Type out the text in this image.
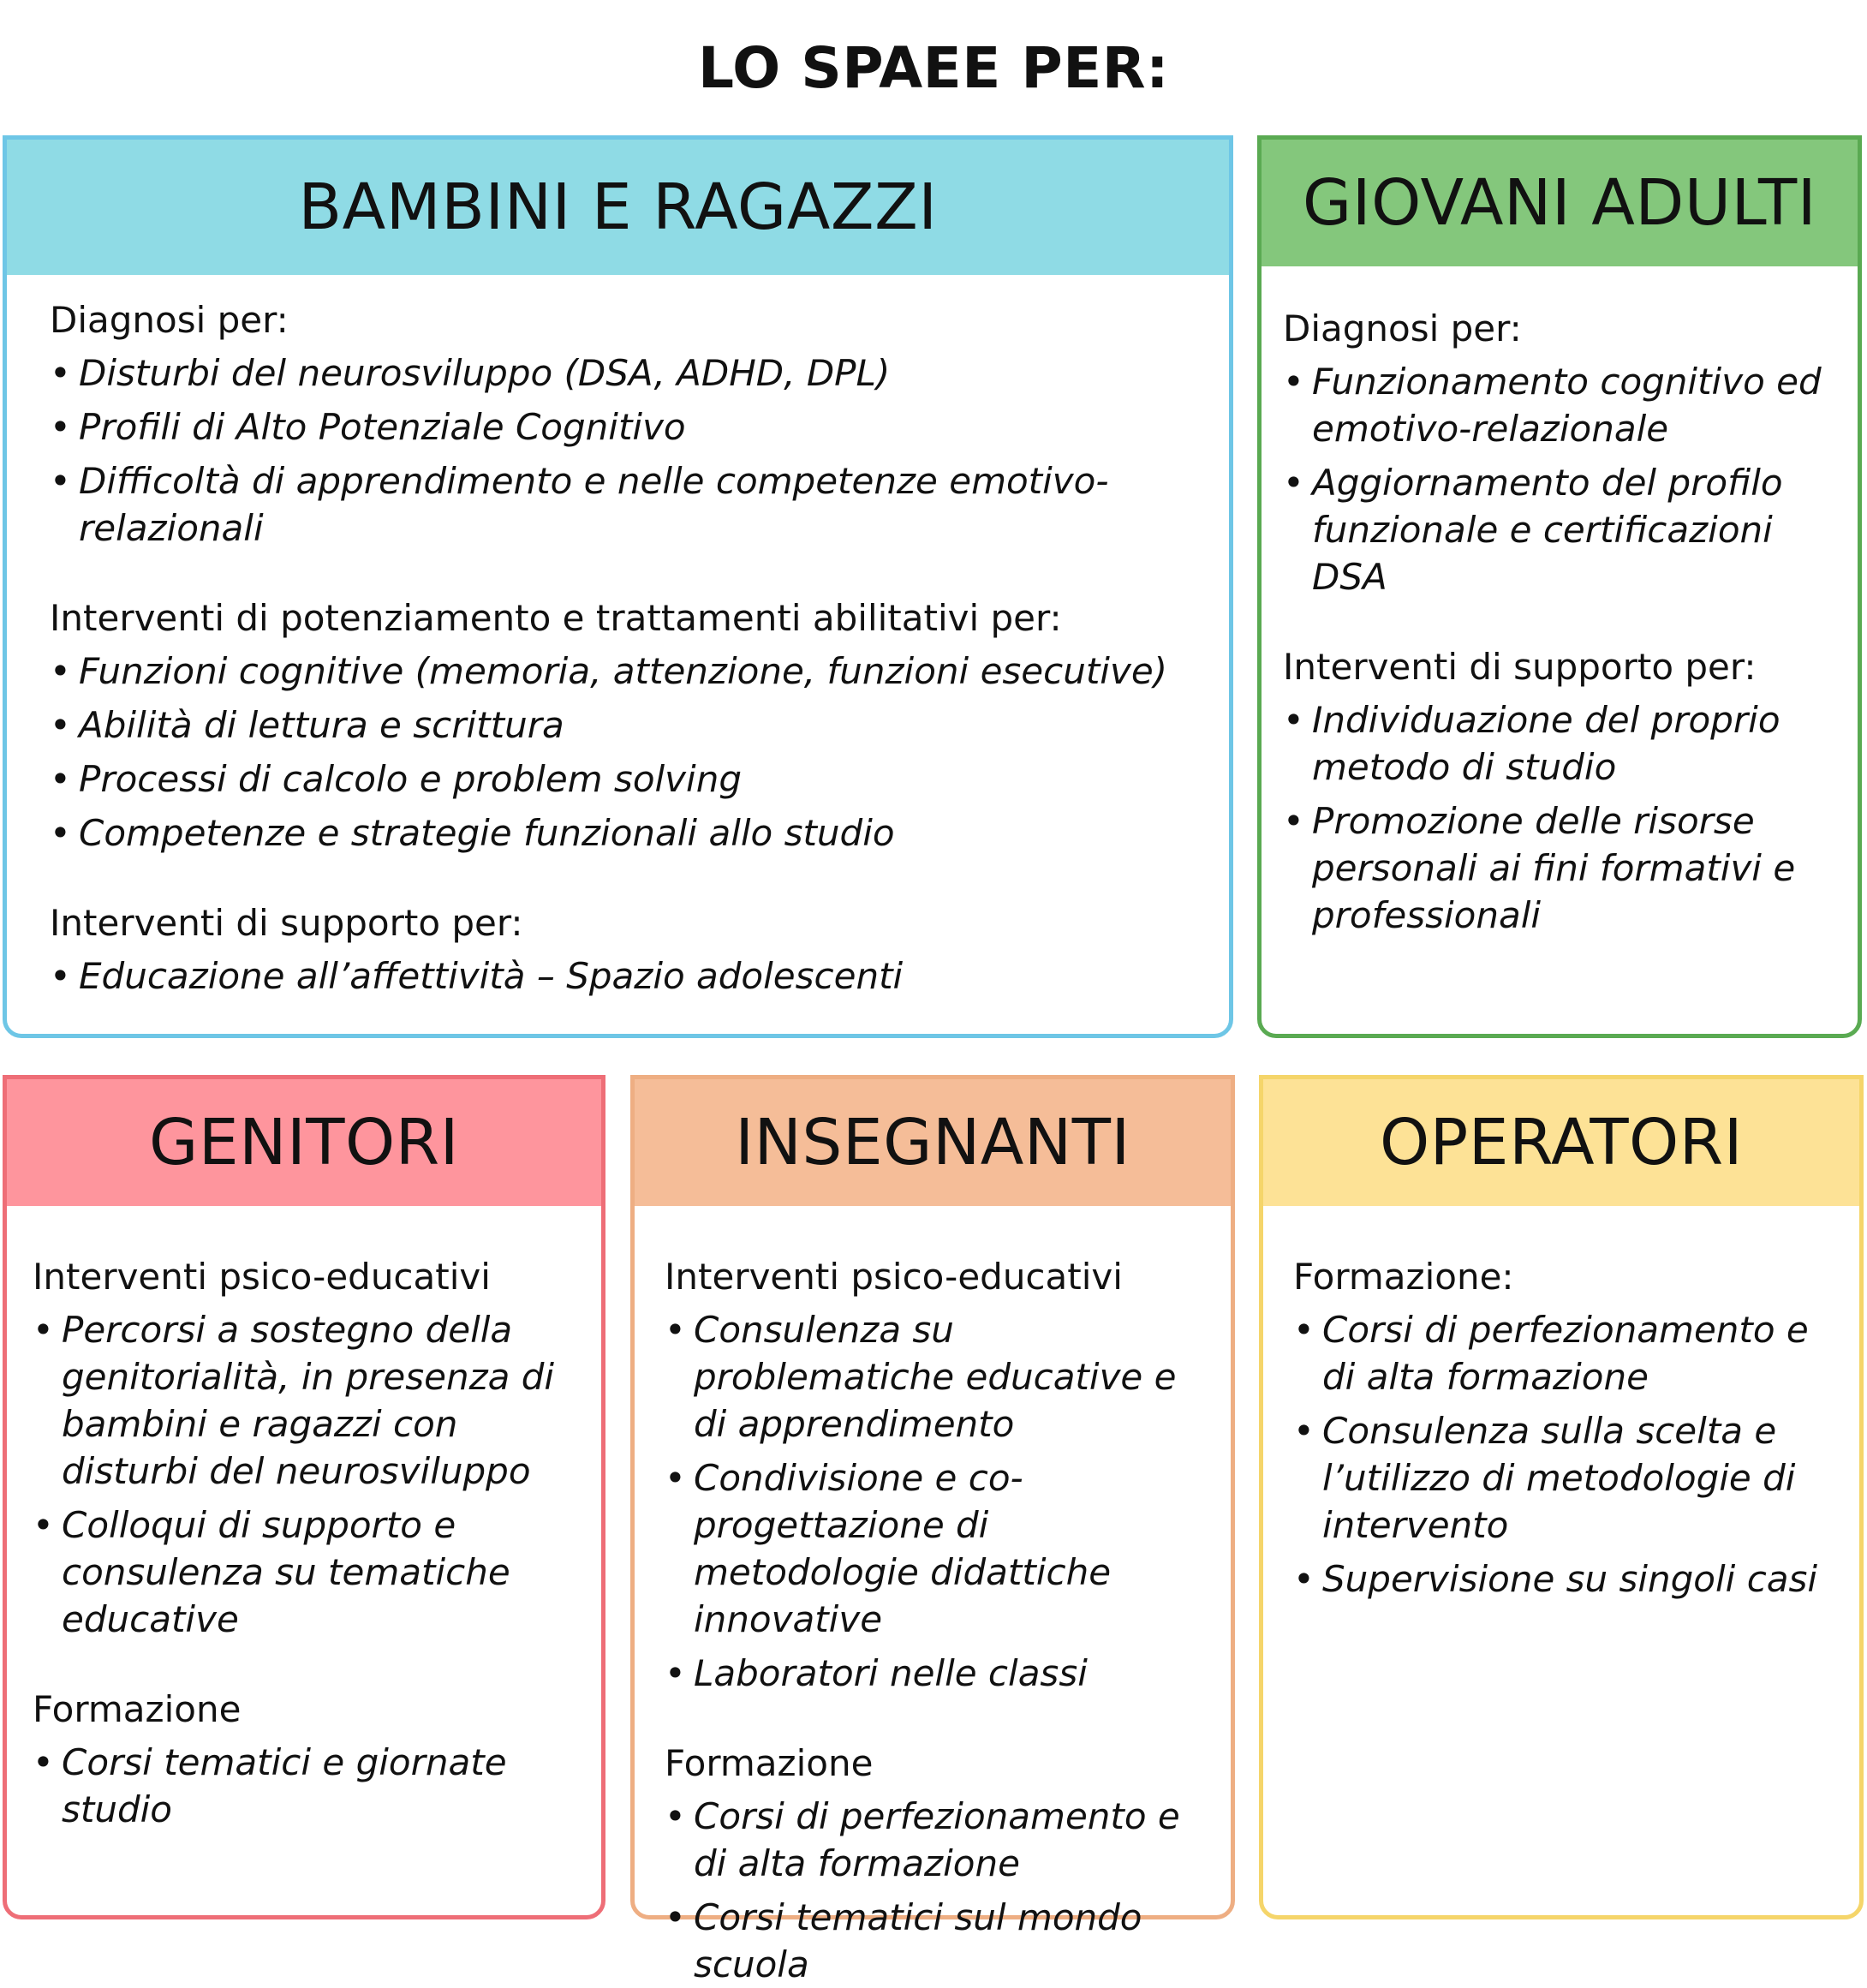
LO SPAEE PER:
BAMBINI E RAGAZZI
Diagnosi per:
• Disturbi del neurosviluppo (DSA, ADHD, DPL)
• Profili di Alto Potenziale Cognitivo
• Difficoltà di apprendimento e nelle competenze emotivo-relazionali
Interventi di potenziamento e trattamenti abilitativi per:
• Funzioni cognitive (memoria, attenzione, funzioni esecutive)
• Abilità di lettura e scrittura
• Processi di calcolo e problem solving
• Competenze e strategie funzionali allo studio
Interventi di supporto per:
• Educazione all’affettività – Spazio adolescenti
GIOVANI ADULTI
Diagnosi per:
• Funzionamento cognitivo ed emotivo-relazionale
• Aggiornamento del profilo funzionale e certificazioni DSA
Interventi di supporto per:
• Individuazione del proprio metodo di studio
• Promozione delle risorse personali ai fini formativi e professionali
GENITORI
Interventi psico-educativi
• Percorsi a sostegno della genitorialità, in presenza di bambini e ragazzi con disturbi del neurosviluppo
• Colloqui di supporto e consulenza su tematiche educative
Formazione
• Corsi tematici e giornate studio
INSEGNANTI
Interventi psico-educativi
• Consulenza su problematiche educative e di apprendimento
• Condivisione e co-progettazione di metodologie didattiche innovative
• Laboratori nelle classi
Formazione
• Corsi di perfezionamento e di alta formazione
• Corsi tematici sul mondo scuola
OPERATORI
Formazione:
• Corsi di perfezionamento e di alta formazione
• Consulenza sulla scelta e l’utilizzo di metodologie di intervento
• Supervisione su singoli casi
